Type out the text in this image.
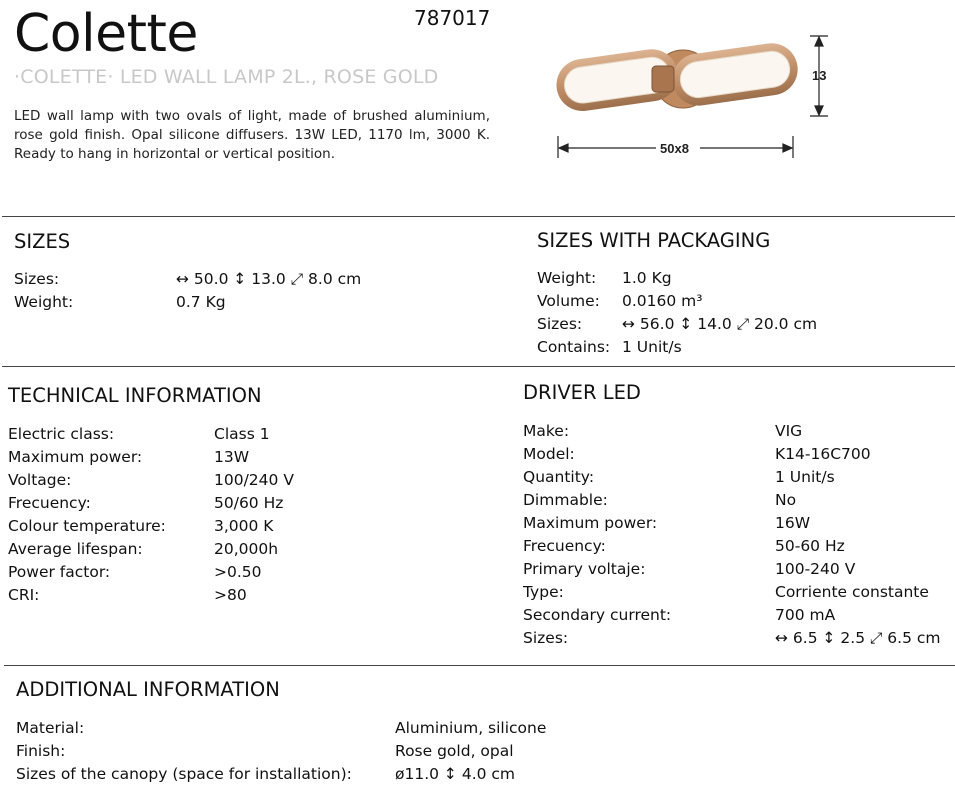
Colette	787017
·COLETTE· LED WALL LAMP 2L., ROSE GOLD
LED wall lamp with two ovals of light, made of brushed aluminium, rose gold finish. Opal silicone diffusers. 13W LED, 1170 lm, 3000 K. Ready to hang in horizontal or vertical position.
13
50x8
SIZES
Sizes:	↔ 50.0 ↕ 13.0 ⤢ 8.0 cm
Weight:	0.7 Kg
SIZES WITH PACKAGING
Weight: 1.0 Kg
Volume: 0.0160 m³
Sizes:	↔ 56.0 ↕ 14.0 ⤢ 20.0 cm
Contains: 1 Unit/s
TECHNICAL INFORMATION
Electric class:	Class 1
Maximum power:	13W
Voltage:	100/240 V
Frecuency:	50/60 Hz
Colour temperature:	3,000 K
Average lifespan:	20,000h
Power factor:	>0.50
CRI:	>80
DRIVER LED
Make:	VIG
Model:	K14-16C700
Quantity:	1 Unit/s
Dimmable:	No
Maximum power:	16W
Frecuency:	50-60 Hz
Primary voltaje:	100-240 V
Type:	Corriente constante
Secondary current:	700 mA
Sizes:	↔ 6.5 ↕ 2.5 ⤢ 6.5 cm
ADDITIONAL INFORMATION
Material:	Aluminium, silicone
Finish:	Rose gold, opal
Sizes of the canopy (space for installation):	ø11.0 ↕ 4.0 cm
